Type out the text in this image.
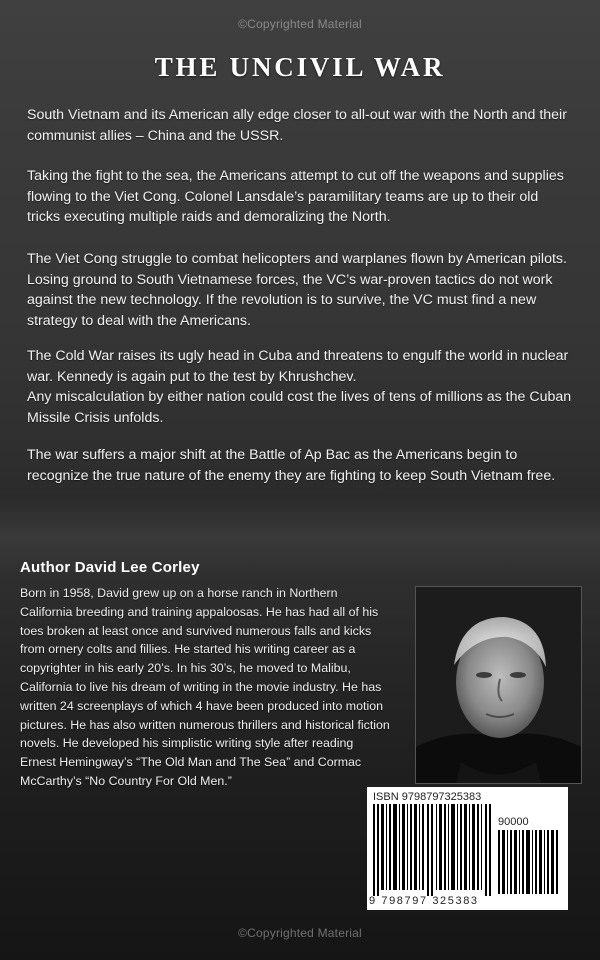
©Copyrighted Material
THE UNCIVIL WAR

South Vietnam and its American ally edge closer to all-out war with the North and their communist allies – China and the USSR.

Taking the fight to the sea, the Americans attempt to cut off the weapons and supplies flowing to the Viet Cong. Colonel Lansdale’s paramilitary teams are up to their old tricks executing multiple raids and demoralizing the North.

The Viet Cong struggle to combat helicopters and warplanes flown by American pilots. Losing ground to South Vietnamese forces, the VC’s war-proven tactics do not work against the new technology. If the revolution is to survive, the VC must find a new strategy to deal with the Americans.

The Cold War raises its ugly head in Cuba and threatens to engulf the world in nuclear war. Kennedy is again put to the test by Khrushchev.

Any miscalculation by either nation could cost the lives of tens of millions as the Cuban Missile Crisis unfolds.

The war suffers a major shift at the Battle of Ap Bac as the Americans begin to recognize the true nature of the enemy they are fighting to keep South Vietnam free.

Author David Lee Corley

Born in 1958, David grew up on a horse ranch in Northern California breeding and training appaloosas. He has had all of his toes broken at least once and survived numerous falls and kicks from ornery colts and fillies. He started his writing career as a copyrighter in his early 20’s. In his 30’s, he moved to Malibu, California to live his dream of writing in the movie industry. He has written 24 screenplays of which 4 have been produced into motion pictures. He has also written numerous thrillers and historical fiction novels. He developed his simplistic writing style after reading Ernest Hemingway’s “The Old Man and The Sea” and Cormac McCarthy’s “No Country For Old Men.”

ISBN 9798797325383
90000
9 798797 325383
©Copyrighted Material
